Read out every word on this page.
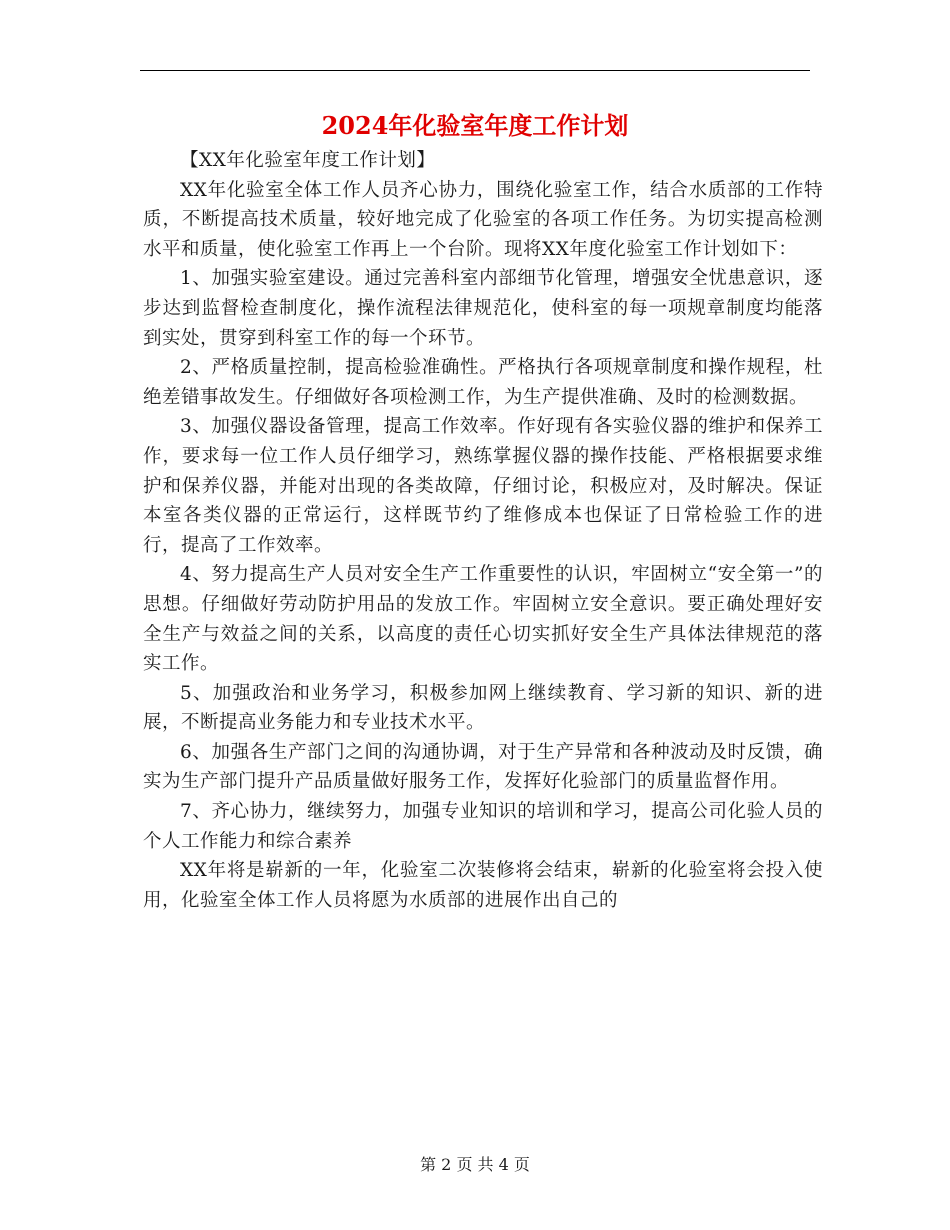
2024年化验室年度工作计划

【XX年化验室年度工作计划】

XX年化验室全体工作人员齐心协力，围绕化验室工作，结合水质部的工作特质，不断提高技术质量，较好地完成了化验室的各项工作任务。为切实提高检测水平和质量，使化验室工作再上一个台阶。现将XX年度化验室工作计划如下：

1、加强实验室建设。通过完善科室内部细节化管理，增强安全忧患意识，逐步达到监督检查制度化，操作流程法律规范化，使科室的每一项规章制度均能落到实处，贯穿到科室工作的每一个环节。

2、严格质量控制，提高检验准确性。严格执行各项规章制度和操作规程，杜绝差错事故发生。仔细做好各项检测工作，为生产提供准确、及时的检测数据。

3、加强仪器设备管理，提高工作效率。作好现有各实验仪器的维护和保养工作，要求每一位工作人员仔细学习，熟练掌握仪器的操作技能、严格根据要求维护和保养仪器，并能对出现的各类故障，仔细讨论，积极应对，及时解决。保证本室各类仪器的正常运行，这样既节约了维修成本也保证了日常检验工作的进行，提高了工作效率。

4、努力提高生产人员对安全生产工作重要性的认识，牢固树立“安全第一”的思想。仔细做好劳动防护用品的发放工作。牢固树立安全意识。要正确处理好安全生产与效益之间的关系，以高度的责任心切实抓好安全生产具体法律规范的落实工作。

5、加强政治和业务学习，积极参加网上继续教育、学习新的知识、新的进展，不断提高业务能力和专业技术水平。

6、加强各生产部门之间的沟通协调，对于生产异常和各种波动及时反馈，确实为生产部门提升产品质量做好服务工作，发挥好化验部门的质量监督作用。

7、齐心协力，继续努力，加强专业知识的培训和学习，提高公司化验人员的个人工作能力和综合素养

XX年将是崭新的一年，化验室二次装修将会结束，崭新的化验室将会投入使用，化验室全体工作人员将愿为水质部的进展作出自己的

第 2 页 共 4 页
